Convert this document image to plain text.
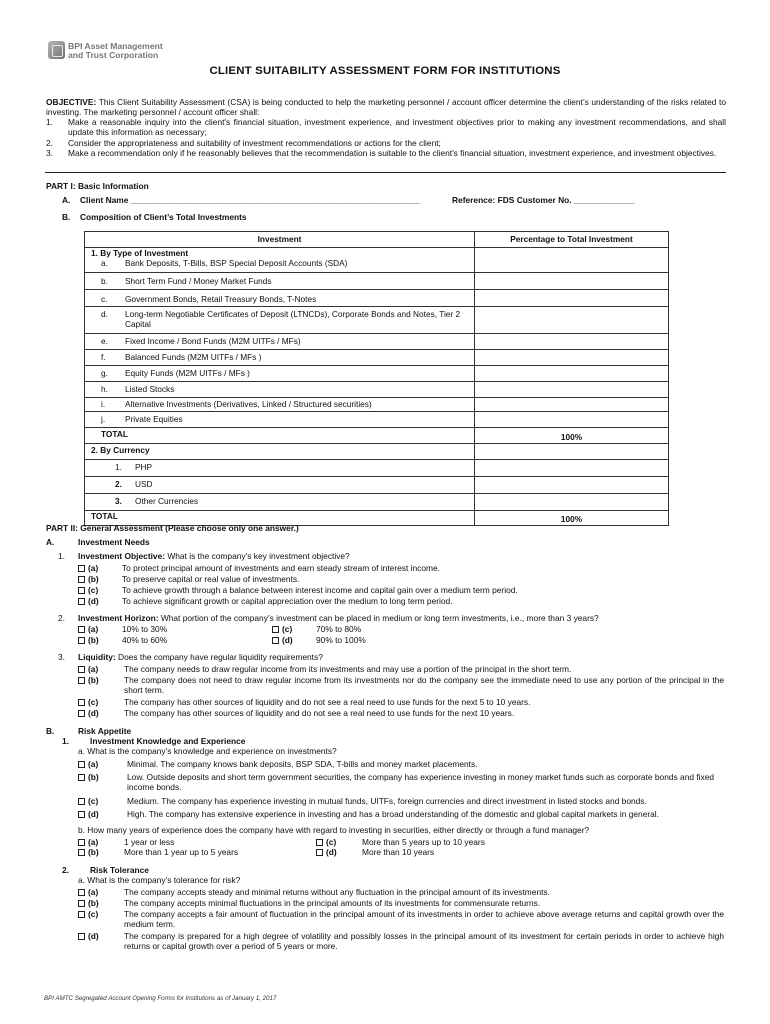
BPI Asset Management
and Trust Corporation
CLIENT SUITABILITY ASSESSMENT FORM FOR INSTITUTIONS
OBJECTIVE: This Client Suitability Assessment (CSA) is being conducted to help the marketing personnel / account officer determine the client’s understanding of the risks related to investing. The marketing personnel / account officer shall:
1. Make a reasonable inquiry into the client's financial situation, investment experience, and investment objectives prior to making any investment recommendations, and shall update this information as necessary;
2. Consider the appropriateness and suitability of investment recommendations or actions for the client;
3. Make a recommendation only if he reasonably believes that the recommendation is suitable to the client's financial situation, investment experience, and investment objectives.
PART I: Basic Information
A. Client Name ______________________________________________________________	Reference: FDS Customer No. _____________
B. Composition of Client’s Total Investments
Investment	Percentage to Total Investment

1. By Type of Investment
a. Bank Deposits, T-Bills, BSP Special Deposit Accounts (SDA)	

b. Short Term Fund / Money Market Funds	

c. Government Bonds, Retail Treasury Bonds, T-Notes	

d. Long-term Negotiable Certificates of Deposit (LTNCDs), Corporate Bonds and Notes, Tier 2 Capital	

e. Fixed Income / Bond Funds (M2M UITFs / MFs)	

f. Balanced Funds (M2M UITFs / MFs )	

g. Equity Funds (M2M UITFs / MFs )	

h. Listed Stocks	

i. Alternative Investments (Derivatives, Linked / Structured securities)	

j. Private Equities	

TOTAL	100%

2. By Currency	

1. PHP	

2. USD	

3. Other Currencies	

TOTAL	100%
PART II: General Assessment (Please choose only one answer.)
A.	Investment Needs
1. Investment Objective: What is the company’s key investment objective?
(a)	To protect principal amount of investments and earn steady stream of interest income.
(b)	To preserve capital or real value of investments.
(c)	To achieve growth through a balance between interest income and capital gain over a medium term period.
(d)	To achieve significant growth or capital appreciation over the medium to long term period.
2. Investment Horizon: What portion of the company’s investment can be placed in medium or long term investments, i.e., more than 3 years?
(a)	10% to 30%	(c)	70% to 80%
(b)	40% to 60%	(d)	90% to 100%
3. Liquidity: Does the company have regular liquidity requirements?
(a)	The company needs to draw regular income from its investments and may use a portion of the principal in the short term.
(b)	The company does not need to draw regular income from its investments nor do the company see the immediate need to use any portion of the principal in the short term.
(c)	The company has other sources of liquidity and do not see a real need to use funds for the next 5 to 10 years.
(d)	The company has other sources of liquidity and do not see a real need to use funds for the next 10 years.
B.	Risk Appetite
1.	Investment Knowledge and Experience
a. What is the company’s knowledge and experience on investments?
(a)	Minimal. The company knows bank deposits, BSP SDA, T-bills and money market placements.
(b)	Low. Outside deposits and short term government securities, the company has experience investing in money market funds such as corporate bonds and fixed income bonds.
(c)	Medium. The company has experience investing in mutual funds, UITFs, foreign currencies and direct investment in listed stocks and bonds.
(d)	High. The company has extensive experience in investing and has a broad understanding of the domestic and global capital markets in general.
b. How many years of experience does the company have with regard to investing in securities, either directly or through a fund manager?
(a)	1 year or less	(c)	More than 5 years up to 10 years
(b)	More than 1 year up to 5 years	(d)	More than 10 years
2.	Risk Tolerance
a. What is the company’s tolerance for risk?
(a)	The company accepts steady and minimal returns without any fluctuation in the principal amount of its investments.
(b)	The company accepts minimal fluctuations in the principal amounts of its investments for commensurate returns.
(c)	The company accepts a fair amount of fluctuation in the principal amount of its investments in order to achieve above average returns and capital growth over the medium term.
(d)	The company is prepared for a high degree of volatility and possibly losses in the principal amount of its investment for certain periods in order to achieve high returns or capital growth over a period of 5 years or more.
BPI AMTC Segregated Account Opening Forms for Institutions as of January 1, 2017
